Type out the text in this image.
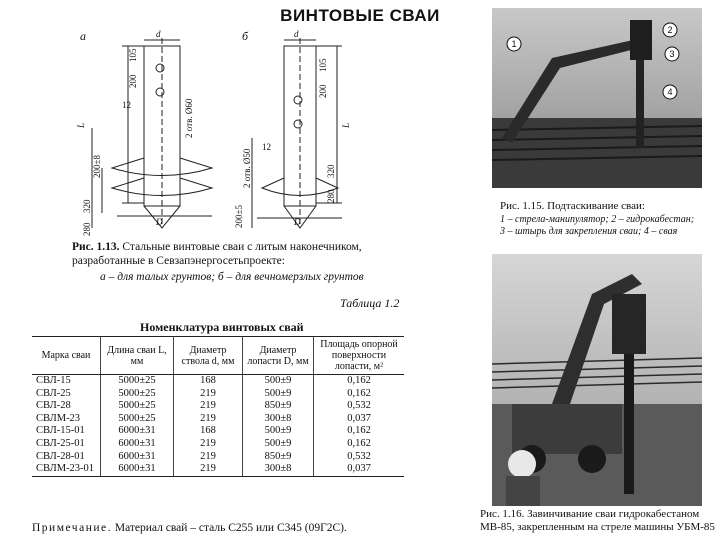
ВИНТОВЫЕ СВАИ
а	б
d	d
D	D
12
12
L	L
200
105
200
105
2 отв. Ø60
2 отв. Ø50
200±8
200±5
320
280
320
280
Рис. 1.13. Стальные винтовые сваи с литым наконечником, разработанные в Севзапэнергосетьпроекте:
а – для талых грунтов; б – для вечномерзлых грунтов
Таблица 1.2
Номенклатура винтовых свай
Марка сваи	Длина сваи L, мм	Диаметр ствола d, мм	Диаметр лопасти D, мм	Площадь опорной поверхности лопасти, м²
СВЛ-15	5000±25	168	500±9	0,162
СВЛ-25	5000±25	219	500±9	0,162
СВЛ-28	5000±25	219	850±9	0,532
СВЛМ-23	5000±25	219	300±8	0,037
СВЛ-15-01	6000±31	168	500±9	0,162
СВЛ-25-01	6000±31	219	500±9	0,162
СВЛ-28-01	6000±31	219	850±9	0,532
СВЛМ-23-01	6000±31	219	300±8	0,037
Примечание. Материал свай – сталь С255 или С345 (09Г2С).
1
2
3
4
Рис. 1.15. Подтаскивание сваи:
1 – стрела-манипулятор; 2 – гидрокабестан;
3 – штырь для закрепления сваи; 4 – свая
Рис. 1.16. Завинчивание сваи гидрокабестаном МВ-85, закрепленным на стреле машины УБМ-85
